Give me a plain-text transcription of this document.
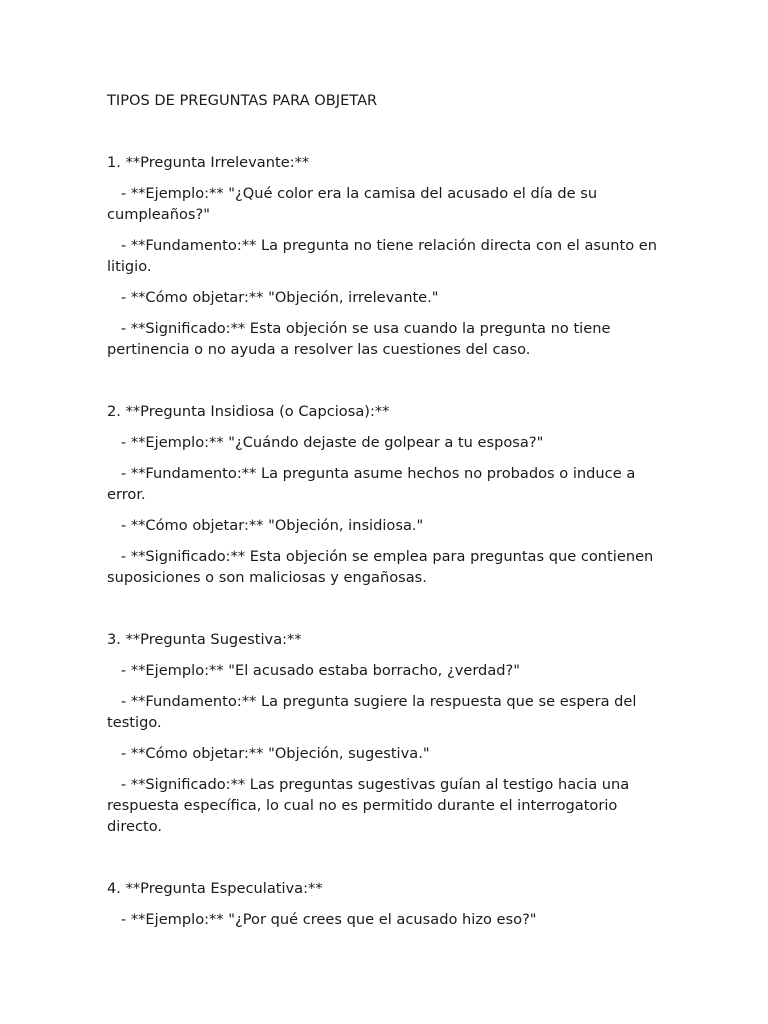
TIPOS DE PREGUNTAS PARA OBJETAR
1. **Pregunta Irrelevante:**
- **Ejemplo:** "¿Qué color era la camisa del acusado el día de su cumpleaños?"
- **Fundamento:** La pregunta no tiene relación directa con el asunto en litigio.
- **Cómo objetar:** "Objeción, irrelevante."
- **Significado:** Esta objeción se usa cuando la pregunta no tiene pertinencia o no ayuda a resolver las cuestiones del caso.
2. **Pregunta Insidiosa (o Capciosa):**
- **Ejemplo:** "¿Cuándo dejaste de golpear a tu esposa?"
- **Fundamento:** La pregunta asume hechos no probados o induce a error.
- **Cómo objetar:** "Objeción, insidiosa."
- **Significado:** Esta objeción se emplea para preguntas que contienen suposiciones o son maliciosas y engañosas.
3. **Pregunta Sugestiva:**
- **Ejemplo:** "El acusado estaba borracho, ¿verdad?"
- **Fundamento:** La pregunta sugiere la respuesta que se espera del testigo.
- **Cómo objetar:** "Objeción, sugestiva."
- **Significado:** Las preguntas sugestivas guían al testigo hacia una respuesta específica, lo cual no es permitido durante el interrogatorio directo.
4. **Pregunta Especulativa:**
- **Ejemplo:** "¿Por qué crees que el acusado hizo eso?"
